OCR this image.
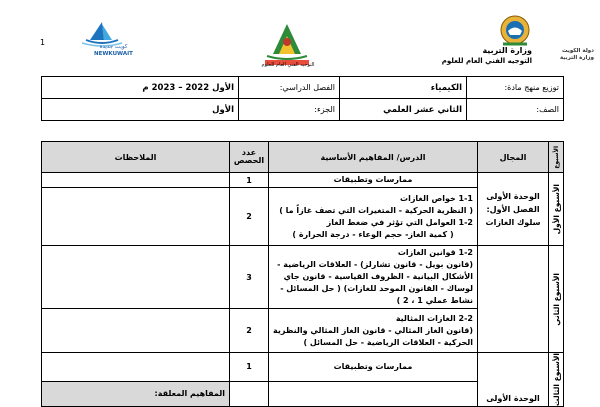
1	كويت جديدة
NEWKUWAIT
التوجيه الفني العام للعلوم
وزارة التربية
التوجيه الفني العام للعلوم
دولة الكويت وزارة التربية
توزيع منهج مادة:	الكيمياء	الفصل الدراسي:	الأول 2022 – 2023 م
الصف:	الثاني عشر العلمي	الجزء:	الأول
الأسبوع	المجال	الدرس/ المفاهيم الأساسية	عدد الحصص	الملاحظات

الأسبوع الأول	الوحدة الأولى الفصل الأول: سلوك الغازات	ممارسات وتطبيقات	1	

		1-1 خواص الغازات
( النظرية الحركية - المتغيرات التي تصف غازاً ما )
1-2 العوامل التي تؤثر في ضغط الغاز
( كمية الغاز- حجم الوعاء - درجة الحرارة )	2	

الأسبوع الثاني		1-2 قوانين الغازات
(قانون بويل - قانون تشارلز) - العلاقات الرياضية - الأشكال البيانية - الظروف القياسية - قانون جاي لوساك - القانون الموحد للغازات) ( حل المسائل - نشاط عملي 1 ، 2 )	3	

		2-2 الغازات المثالية
(قانون الغاز المثالي - قانون الغاز المثالي والنظرية الحركية - العلاقات الرياضية - حل المسائل )	2	

الأسبوع الثالث	الوحدة الأولى	ممارسات وتطبيقات	1	
				المفاهيم المعلقة:
